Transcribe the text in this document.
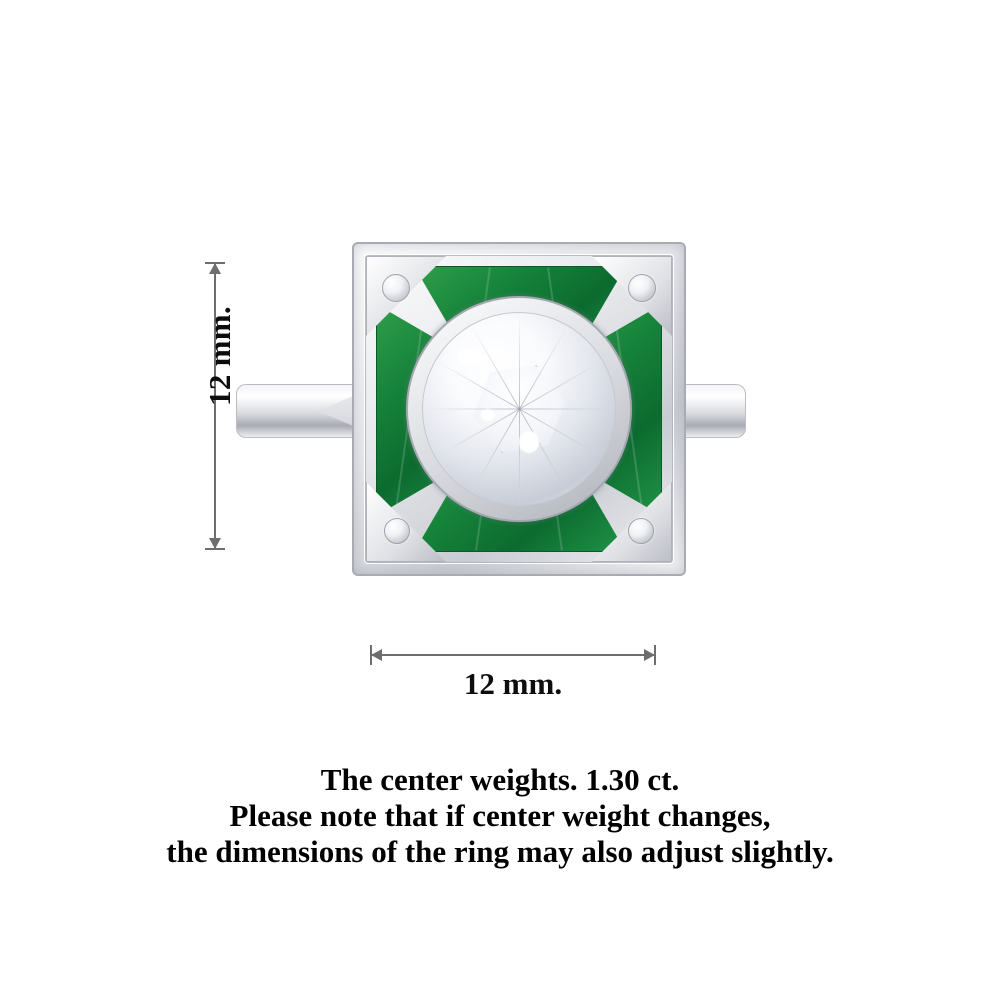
12 mm.
12 mm.
The center weights. 1.30 ct.
Please note that if center weight changes,
the dimensions of the ring may also adjust slightly.
